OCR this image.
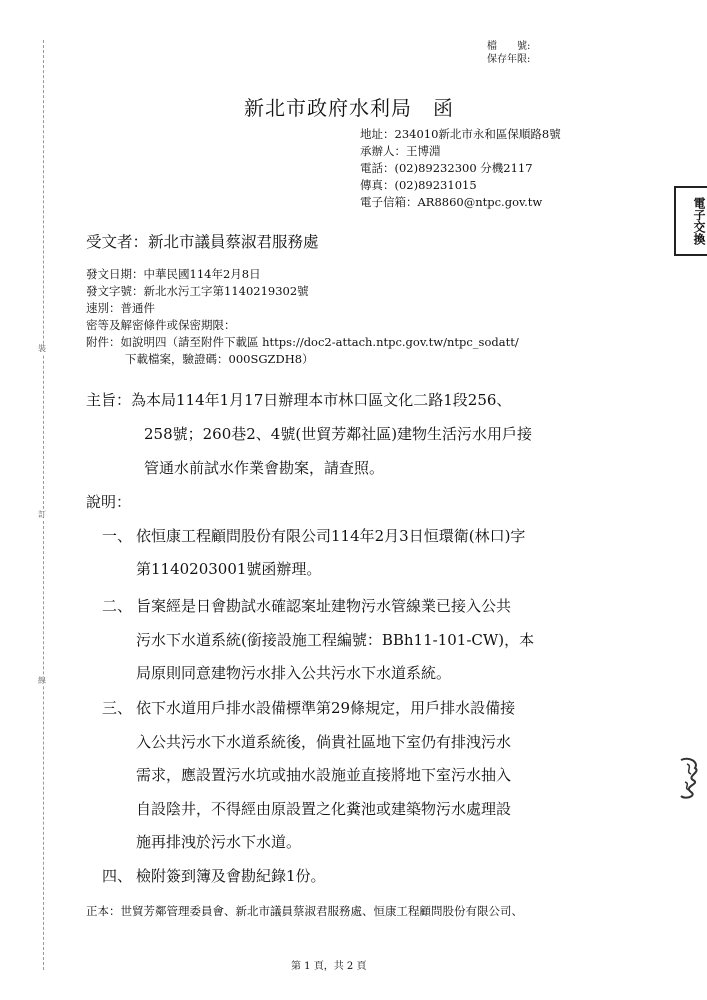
裝
訂
線
檔　　號:
保存年限:
新北市政府水利局　函
地址：234010新北市永和區保順路8號
承辦人：王博淵
電話：(02)89232300 分機2117
傳真：(02)89231015
電子信箱：AR8860@ntpc.gov.tw	電子交換
受文者：新北市議員蔡淑君服務處
發文日期：中華民國114年2月8日
發文字號：新北水污工字第1140219302號
速別：普通件
密等及解密條件或保密期限：
附件：如說明四（請至附件下載區 https://doc2-attach.ntpc.gov.tw/ntpc_sodatt/
下載檔案，驗證碼：000SGZDH8）
主旨：為本局114年1月17日辦理本市林口區文化二路1段256、
258號；260巷2、4號(世貿芳鄰社區)建物生活污水用戶接
管通水前試水作業會勘案，請查照。
說明：
一、 依恒康工程顧問股份有限公司114年2月3日恒環衛(林口)字
第1140203001號函辦理。
二、 旨案經是日會勘試水確認案址建物污水管線業已接入公共
污水下水道系統(銜接設施工程編號：BBh11-101-CW)，本
局原則同意建物污水排入公共污水下水道系統。
三、 依下水道用戶排水設備標準第29條規定，用戶排水設備接
入公共污水下水道系統後，倘貴社區地下室仍有排洩污水
需求，應設置污水坑或抽水設施並直接將地下室污水抽入
自設陰井，不得經由原設置之化糞池或建築物污水處理設
施再排洩於污水下水道。
四、 檢附簽到簿及會勘紀錄1份。
正本：世貿芳鄰管理委員會、新北市議員蔡淑君服務處、恒康工程顧問股份有限公司、
第 1 頁，共 2 頁
